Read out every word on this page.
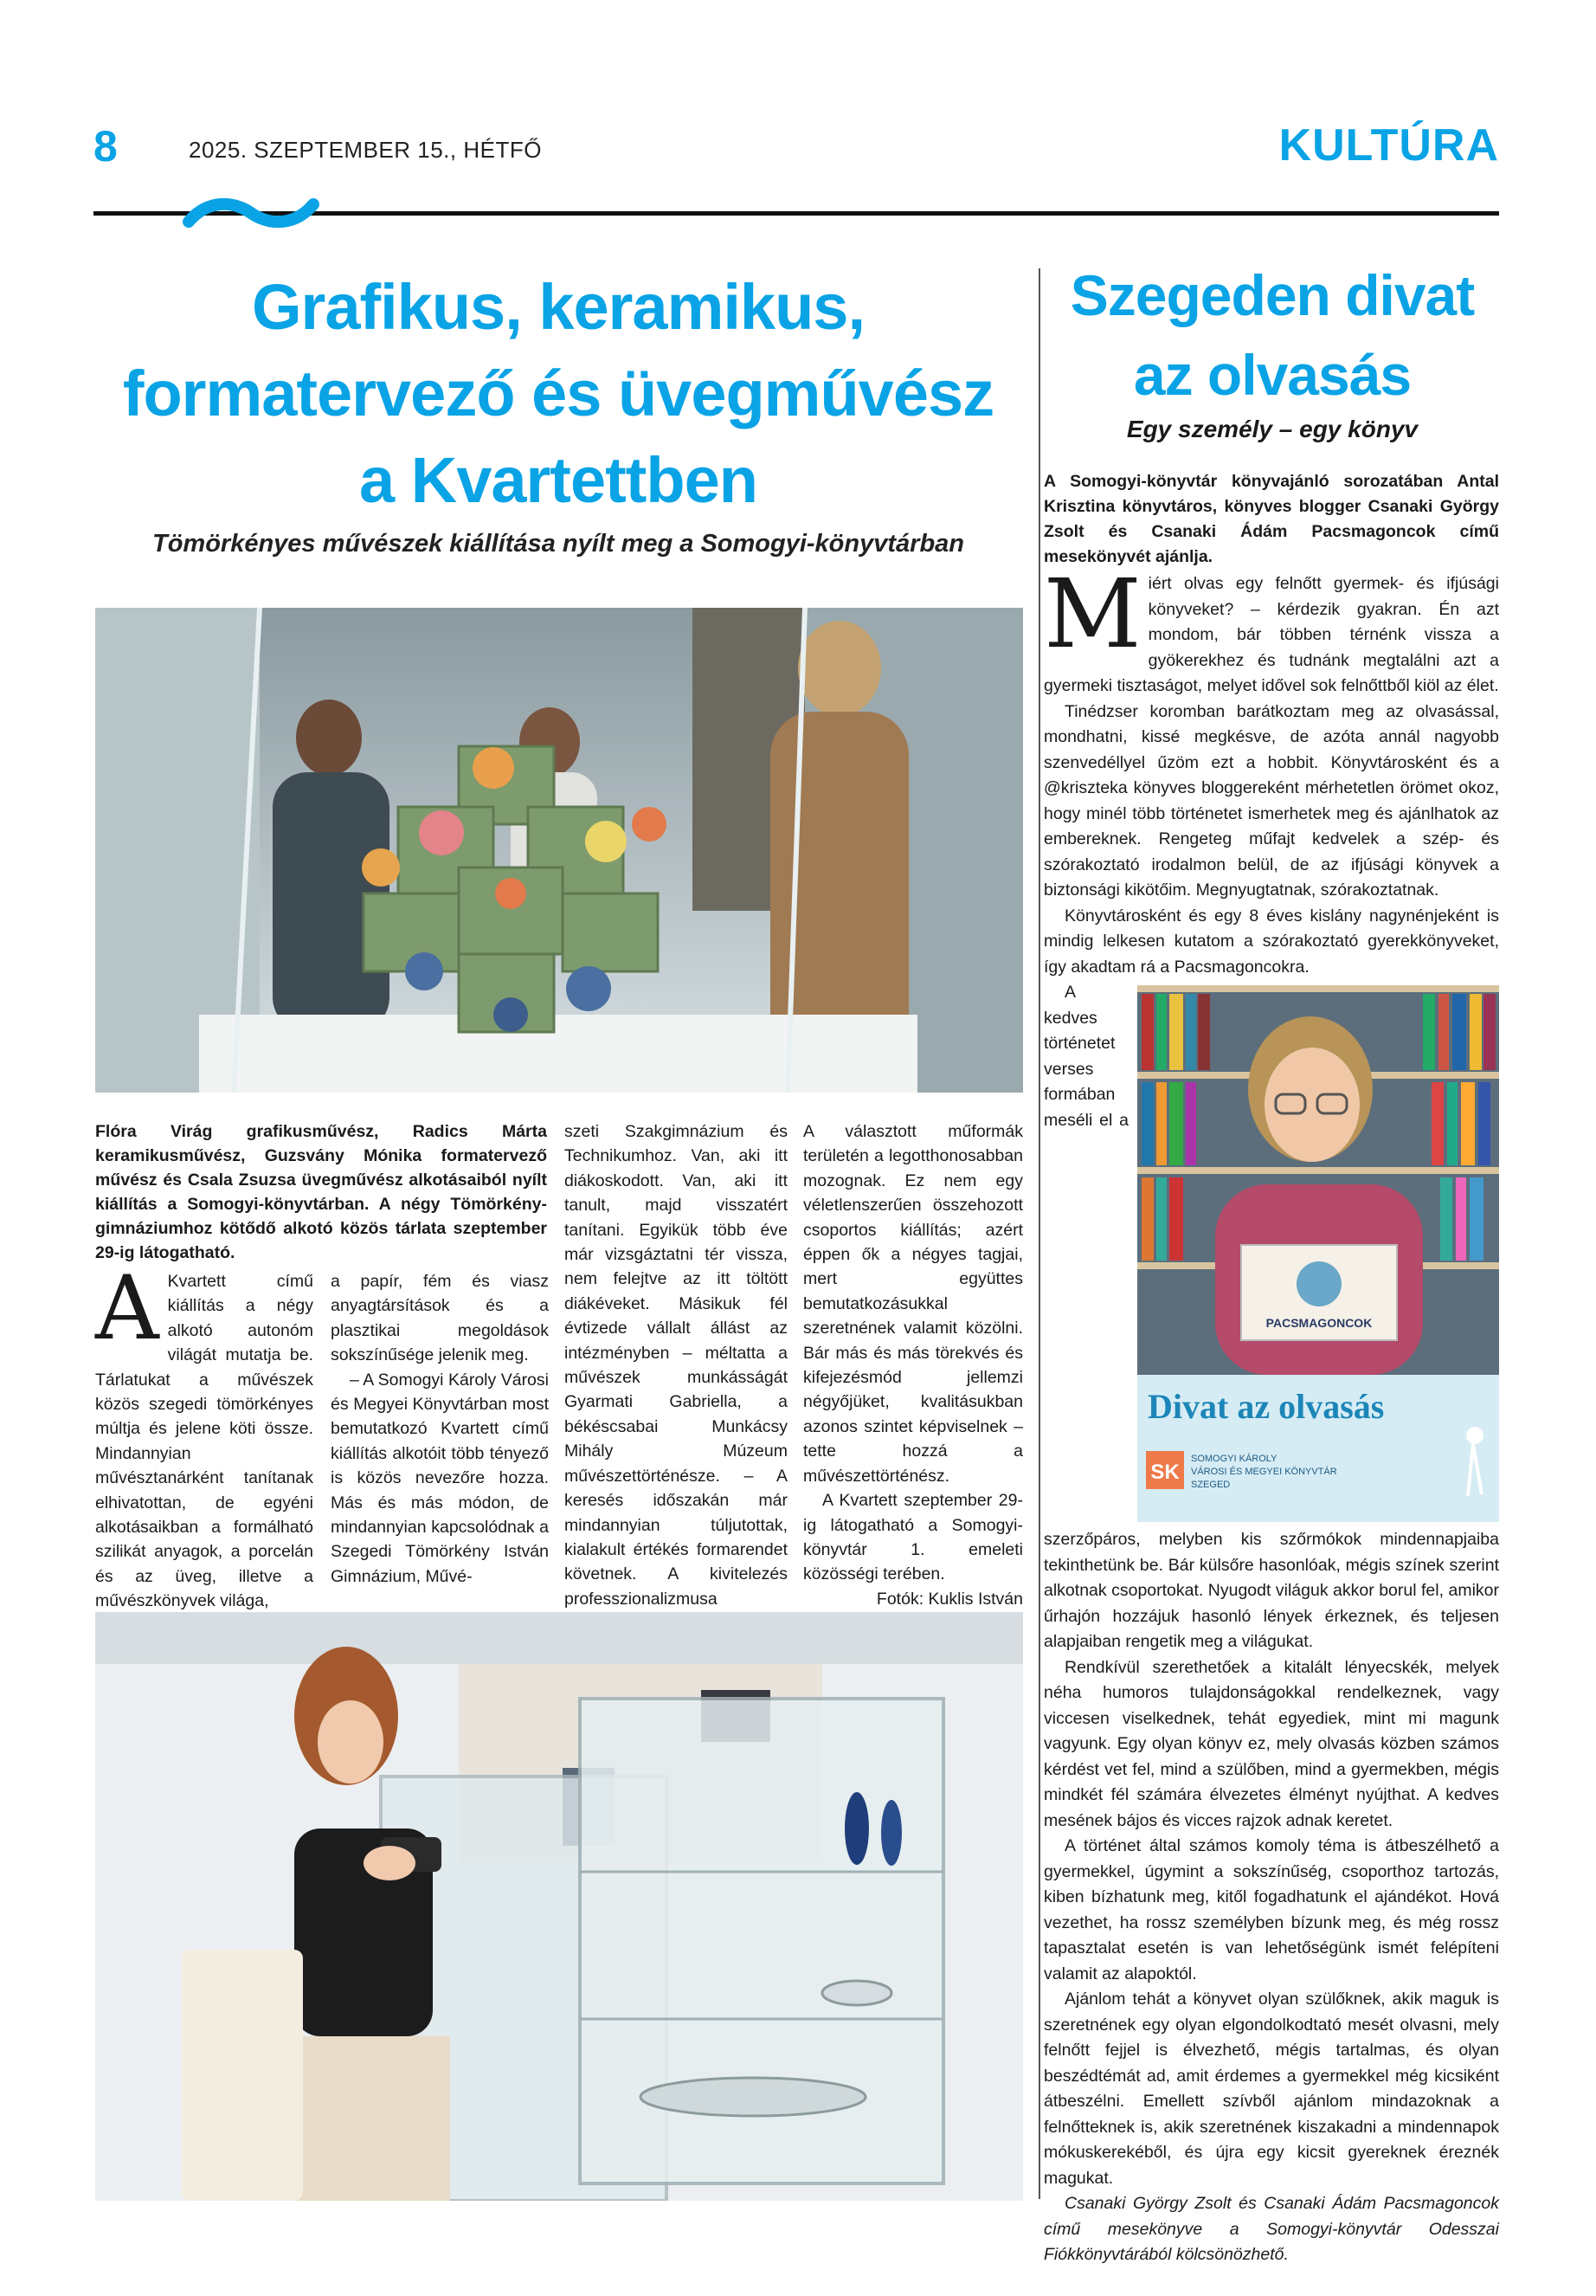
8	2025. SZEPTEMBER 15., HÉTFŐ	KULTÚRA
Grafikus, keramikus,
formatervező és üvegművész
a Kvartettben
Tömörkényes művészek kiállítása nyílt meg a Somogyi-könyvtárban
Flóra Virág grafikusművész, Radics Márta keramikusművész, Guzsvány Mónika formatervező művész és Csala Zsuzsa üvegművész alkotásaiból nyílt kiállítás a Somogyi-könyvtárban. A négy Tömörkény-gimnáziumhoz kötődő alkotó közös tárlata szeptember 29-ig látogatható.
A Kvartett című kiállítás a négy alkotó autonóm világát mutatja be. Tárlatukat a művészek közös szegedi tömörkényes múltja és jelene köti össze. Mindannyian művésztanárként tanítanak elhivatottan, de egyéni alkotásaikban a formálható szilikát anyagok, a porcelán és az üveg, illetve a művészkönyvek világa,

a papír, fém és viasz anyagtársítások és a plasztikai megoldások sokszínűsége jelenik meg.

– A Somogyi Károly Városi és Megyei Könyvtárban most bemutatkozó Kvartett című kiállítás alkotóit több tényező is közös nevezőre hozza. Más és más módon, de mindannyian kapcsolódnak a Szegedi Tömörkény István Gimnázium, Művé-

szeti Szakgimnázium és Technikumhoz. Van, aki itt diákoskodott. Van, aki itt tanult, majd visszatért tanítani. Egyikük több éve már vizsgáztatni tér vissza, nem felejtve az itt töltött diákéveket. Másikuk fél évtizede vállalt állást az intézményben – méltatta a művészek munkásságát Gyarmati Gabriella, a békéscsabai Munkácsy Mihály Múzeum művészettörténésze. – A keresés időszakán már mindannyian túljutottak, kialakult értékés formarendet követnek. A kivitelezés professzionalizmusa

A választott műformák területén a legotthonosabban mozognak. Ez nem egy véletlenszerűen összehozott csoportos kiállítás; azért éppen ők a négyes tagjai, mert együttes bemutatkozásukkal szeretnének valamit közölni. Bár más és más törekvés és kifejezésmód jellemzi négyőjüket, kvalitásukban azonos szintet képviselnek – tette hozzá a művészettörténész.

A Kvartett szeptember 29-ig látogatható a Somogyi-könyvtár 1. emeleti közösségi terében.

Fotók: Kuklis István

Szegeden divat
az olvasás
Egy személy – egy könyv
A Somogyi-könyvtár könyvajánló sorozatában Antal Krisztina könyvtáros, könyves blogger Csanaki György Zsolt és Csanaki Ádám Pacsmagoncok című mesekönyvét ajánlja.

Miért olvas egy felnőtt gyermek- és ifjúsági könyveket? – kérdezik gyakran. Én azt mondom, bár többen térnénk vissza a gyökerekhez és tudnánk megtalálni azt a gyermeki tisztaságot, melyet idővel sok felnőttből kiöl az élet.

Tinédzser koromban barátkoztam meg az olvasással, mondhatni, kissé megkésve, de azóta annál nagyobb szenvedéllyel űzöm ezt a hobbit. Könyvtárosként és a @kriszteka könyves bloggereként mérhetetlen örömet okoz, hogy minél több történetet ismerhetek meg és ajánlhatok az embereknek. Rengeteg műfajt kedvelek a szép- és szórakoztató irodalmon belül, de az ifjúsági könyvek a biztonsági kikötőim. Megnyugtatnak, szórakoztatnak.

Könyvtárosként és egy 8 éves kislány nagynénjeként is mindig lelkesen kutatom a szórakoztató gyerekkönyveket, így akadtam rá a Pacsmagoncokra.

PACSMAGONCOK
Divat az olvasás
SK
SOMOGYI KÁROLY
VÁROSI ÉS MEGYEI KÖNYVTÁR
SZEGED

A kedves történetet verses formában meséli el a szerzőpáros, melyben kis szőrmókok mindennapjaiba tekinthetünk be. Bár külsőre hasonlóak, mégis színek szerint alkotnak csoportokat. Nyugodt világuk akkor borul fel, amikor űrhajón hozzájuk hasonló lények érkeznek, és teljesen alapjaiban rengetik meg a világukat.

Rendkívül szerethetőek a kitalált lényecskék, melyek néha humoros tulajdonságokkal rendelkeznek, vagy viccesen viselkednek, tehát egyediek, mint mi magunk vagyunk. Egy olyan könyv ez, mely olvasás közben számos kérdést vet fel, mind a szülőben, mind a gyermekben, mégis mindkét fél számára élvezetes élményt nyújthat. A kedves mesének bájos és vicces rajzok adnak keretet.

A történet által számos komoly téma is átbeszélhető a gyermekkel, úgymint a sokszínűség, csoporthoz tartozás, kiben bízhatunk meg, kitől fogadhatunk el ajándékot. Hová vezethet, ha rossz személyben bízunk meg, és még rossz tapasztalat esetén is van lehetőségünk ismét felépíteni valamit az alapoktól.

Ajánlom tehát a könyvet olyan szülőknek, akik maguk is szeretnének egy olyan elgondolkodtató mesét olvasni, mely felnőtt fejjel is élvezhető, mégis tartalmas, és olyan beszédtémát ad, amit érdemes a gyermekkel még kicsiként átbeszélni. Emellett szívből ajánlom mindazoknak a felnőtteknek is, akik szeretnének kiszakadni a mindennapok mókuskerekéből, és újra egy kicsit gyereknek éreznék magukat.

Csanaki György Zsolt és Csanaki Ádám Pacsmagoncok című mesekönyve a Somogyi-könyvtár Odesszai Fiókkönyvtárából kölcsönözhető.
